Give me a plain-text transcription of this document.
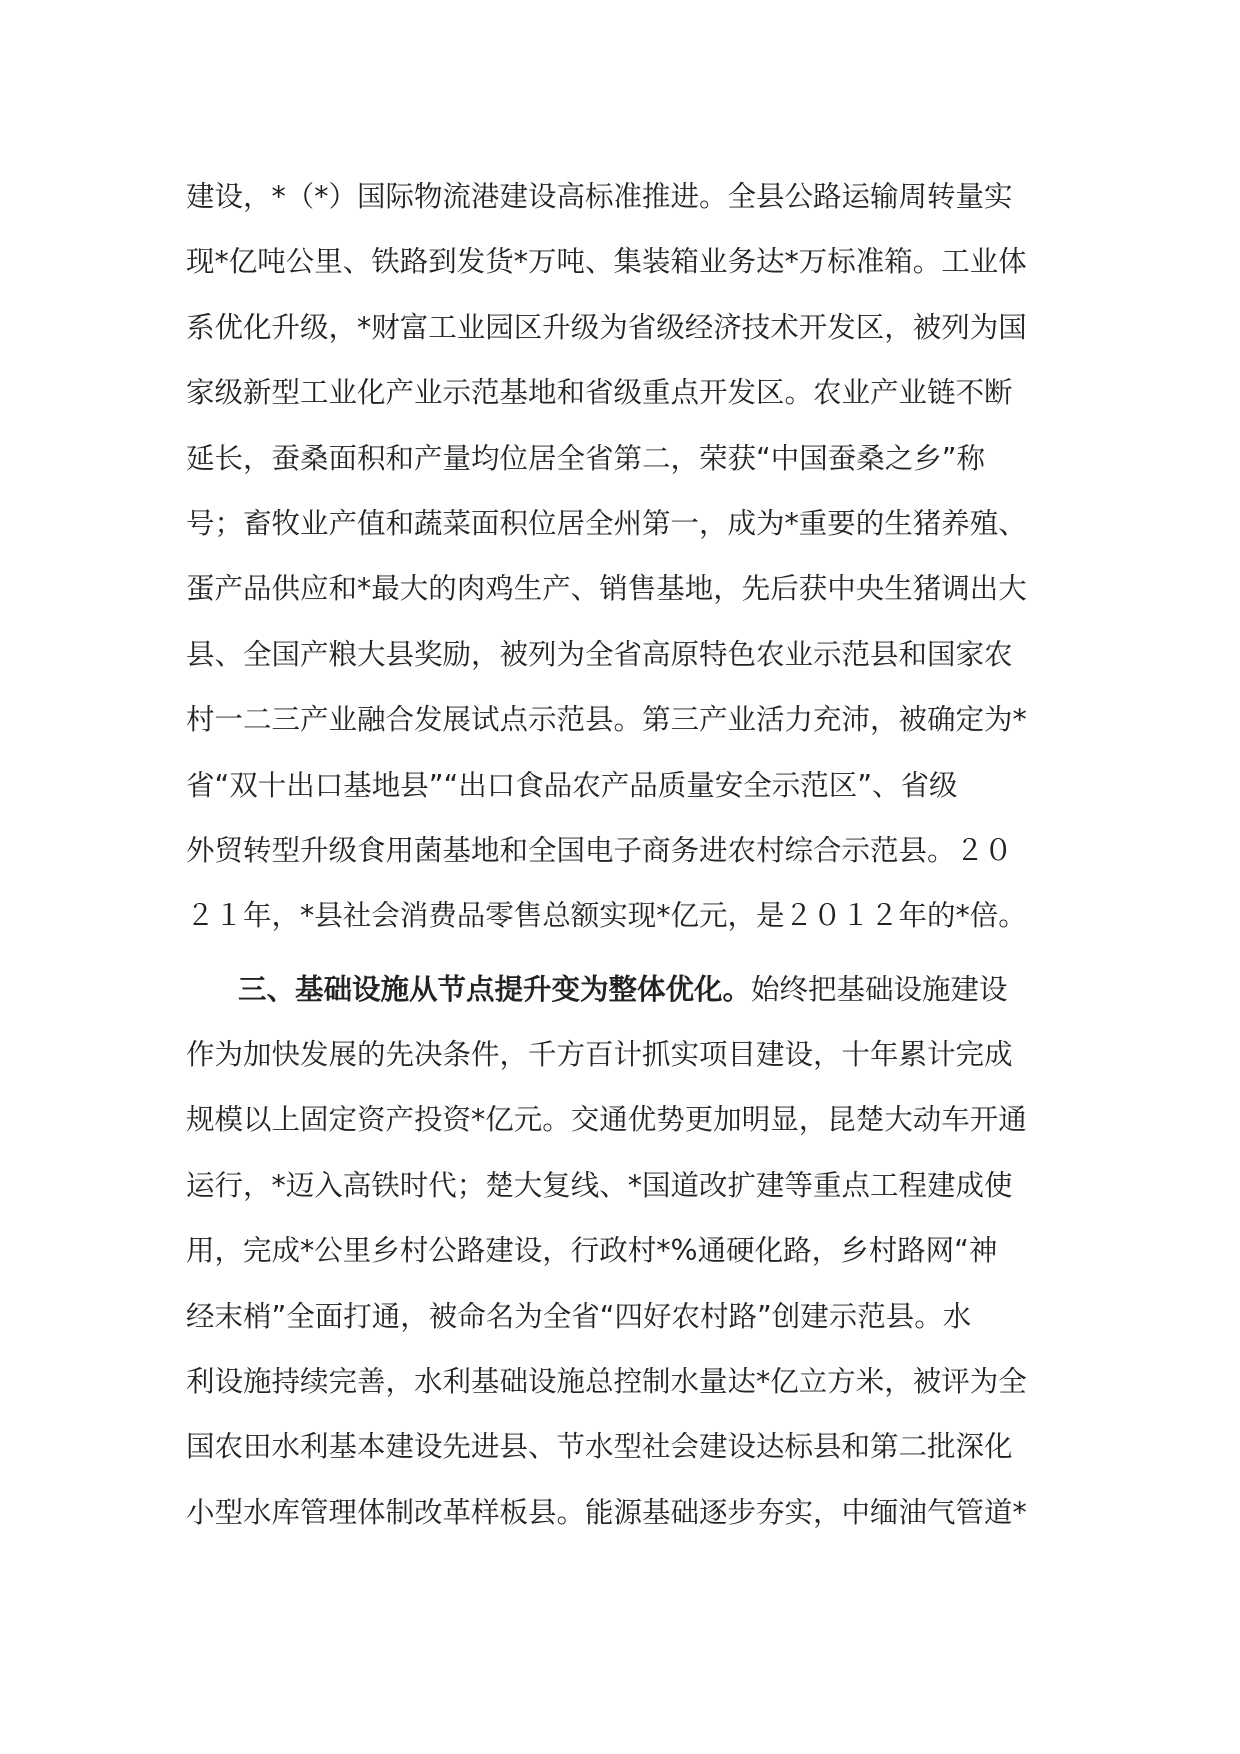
建设，*（*）国际物流港建设高标准推进。全县公路运输周转量实
现*亿吨公里、铁路到发货*万吨、集装箱业务达*万标准箱。工业体
系优化升级，*财富工业园区升级为省级经济技术开发区，被列为国
家级新型工业化产业示范基地和省级重点开发区。农业产业链不断
延长，蚕桑面积和产量均位居全省第二，荣获“中国蚕桑之乡”称
号；畜牧业产值和蔬菜面积位居全州第一，成为*重要的生猪养殖、
蛋产品供应和*最大的肉鸡生产、销售基地，先后获中央生猪调出大
县、全国产粮大县奖励，被列为全省高原特色农业示范县和国家农
村一二三产业融合发展试点示范县。第三产业活力充沛，被确定为*
省“双十出口基地县”“出口食品农产品质量安全示范区”、省级
外贸转型升级食用菌基地和全国电子商务进农村综合示范县。２０
２１年，*县社会消费品零售总额实现*亿元，是２０１２年的*倍。
三、基础设施从节点提升变为整体优化。始终把基础设施建设
作为加快发展的先决条件，千方百计抓实项目建设，十年累计完成
规模以上固定资产投资*亿元。交通优势更加明显，昆楚大动车开通
运行，*迈入高铁时代；楚大复线、*国道改扩建等重点工程建成使
用，完成*公里乡村公路建设，行政村*%通硬化路，乡村路网“神
经末梢”全面打通，被命名为全省“四好农村路”创建示范县。水
利设施持续完善，水利基础设施总控制水量达*亿立方米，被评为全
国农田水利基本建设先进县、节水型社会建设达标县和第二批深化
小型水库管理体制改革样板县。能源基础逐步夯实，中缅油气管道*
